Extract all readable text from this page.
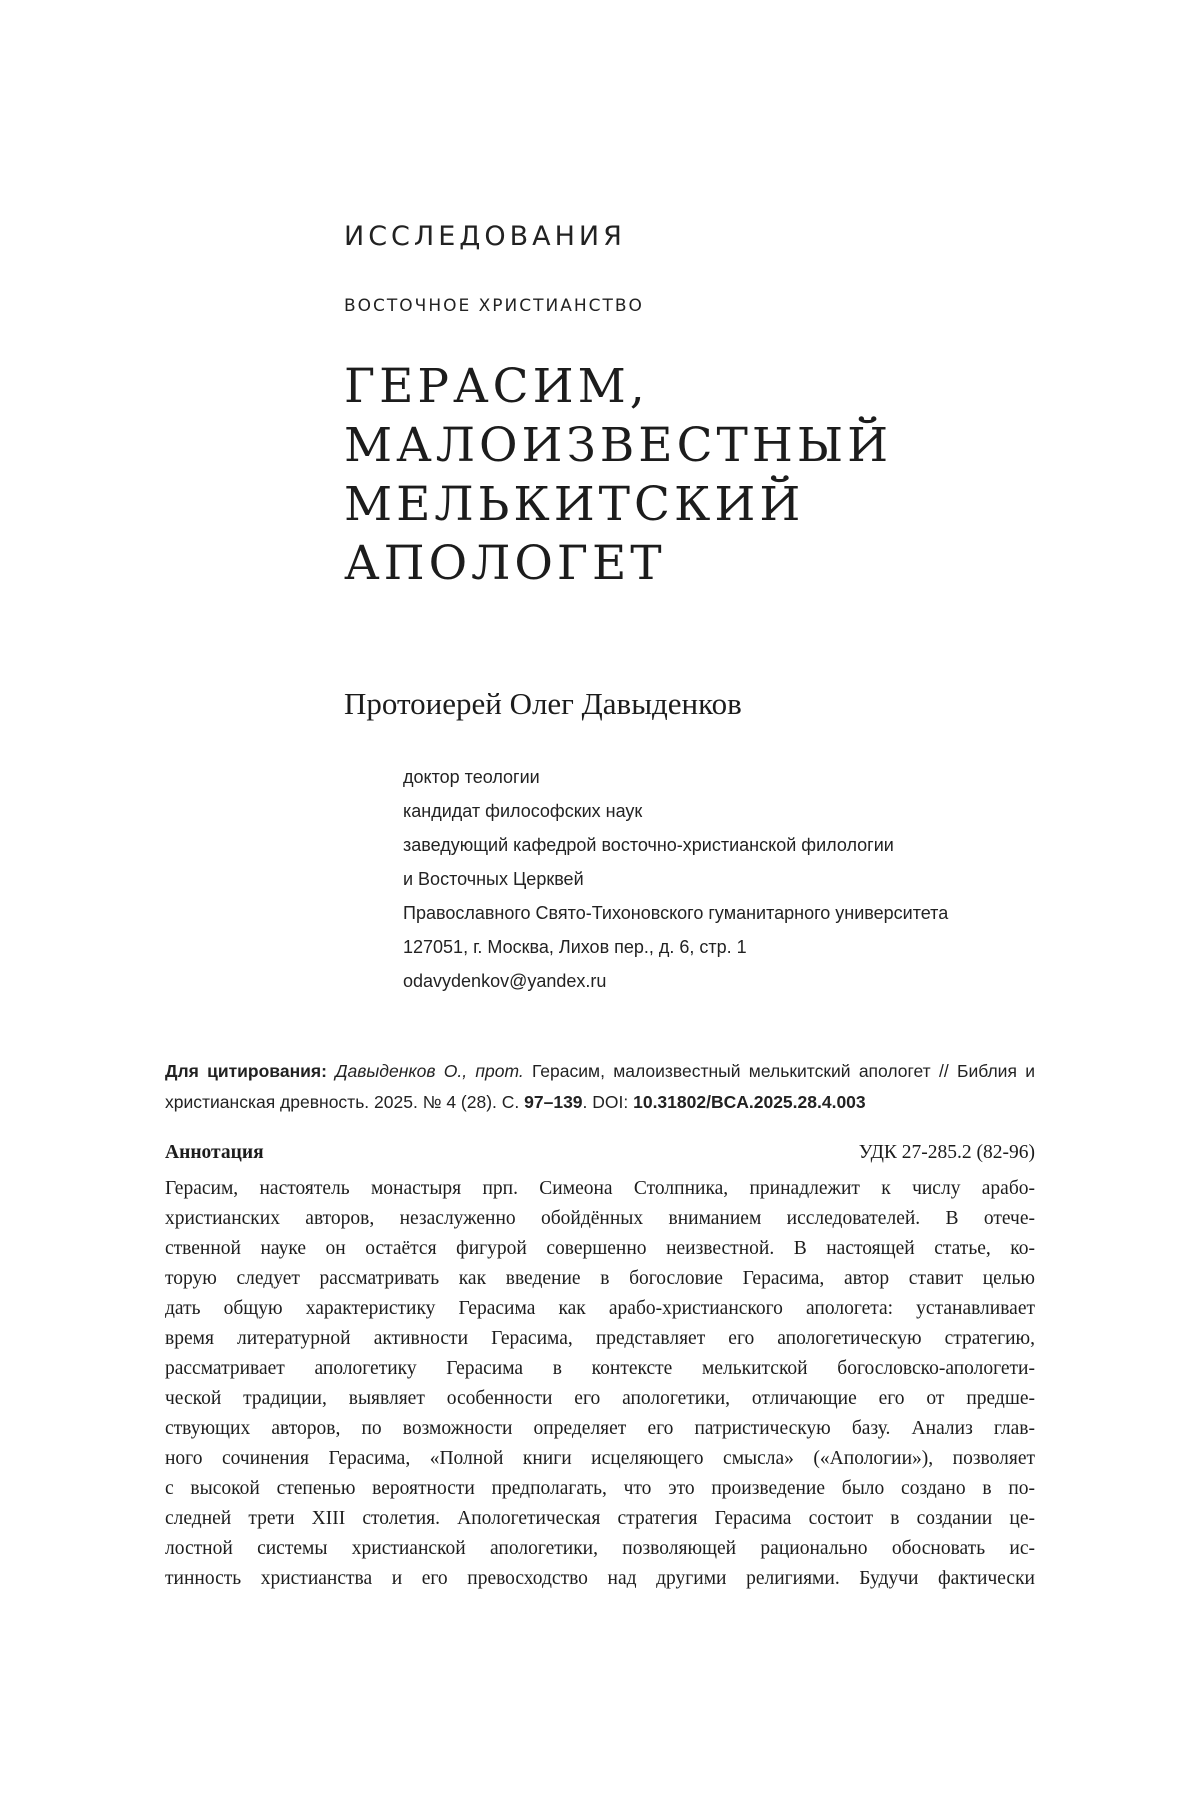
ИССЛЕДОВАНИЯ
ВОСТОЧНОЕ ХРИСТИАНСТВО
ГЕРАСИМ,
МАЛОИЗВЕСТНЫЙ
МЕЛЬКИТСКИЙ
АПОЛОГЕТ
Протоиерей Олег Давыденков
доктор теологии
кандидат философских наук
заведующий кафедрой восточно-христианской филологии
и Восточных Церквей
Православного Свято-Тихоновского гуманитарного университета
127051, г. Москва, Лихов пер., д. 6, стр. 1
odavydenkov@yandex.ru
Для цитирования: Давыденков О., прот. Герасим, малоизвестный мелькитский апологет // Библия и христианская древность. 2025. № 4 (28). С. 97–139. DOI: 10.31802/BCA.2025.28.4.003
Аннотация	УДК 27-285.2 (82-96)
Герасим, настоятель монастыря прп. Симеона Столпника, принадлежит к числу арабо-
христианских авторов, незаслуженно обойдённых вниманием исследователей. В отече-
ственной науке он остаётся фигурой совершенно неизвестной. В настоящей статье, ко-
торую следует рассматривать как введение в богословие Герасима, автор ставит целью
дать общую характеристику Герасима как арабо-христианского апологета: устанавливает
время литературной активности Герасима, представляет его апологетическую стратегию,
рассматривает апологетику Герасима в контексте мелькитской богословско-апологети-
ческой традиции, выявляет особенности его апологетики, отличающие его от предше-
ствующих авторов, по возможности определяет его патристическую базу. Анализ глав-
ного сочинения Герасима, «Полной книги исцеляющего смысла» («Апологии»), позволяет
с высокой степенью вероятности предполагать, что это произведение было создано в по-
следней трети XIII столетия. Апологетическая стратегия Герасима состоит в создании це-
лостной системы христианской апологетики, позволяющей рационально обосновать ис-
тинность христианства и его превосходство над другими религиями. Будучи фактически
